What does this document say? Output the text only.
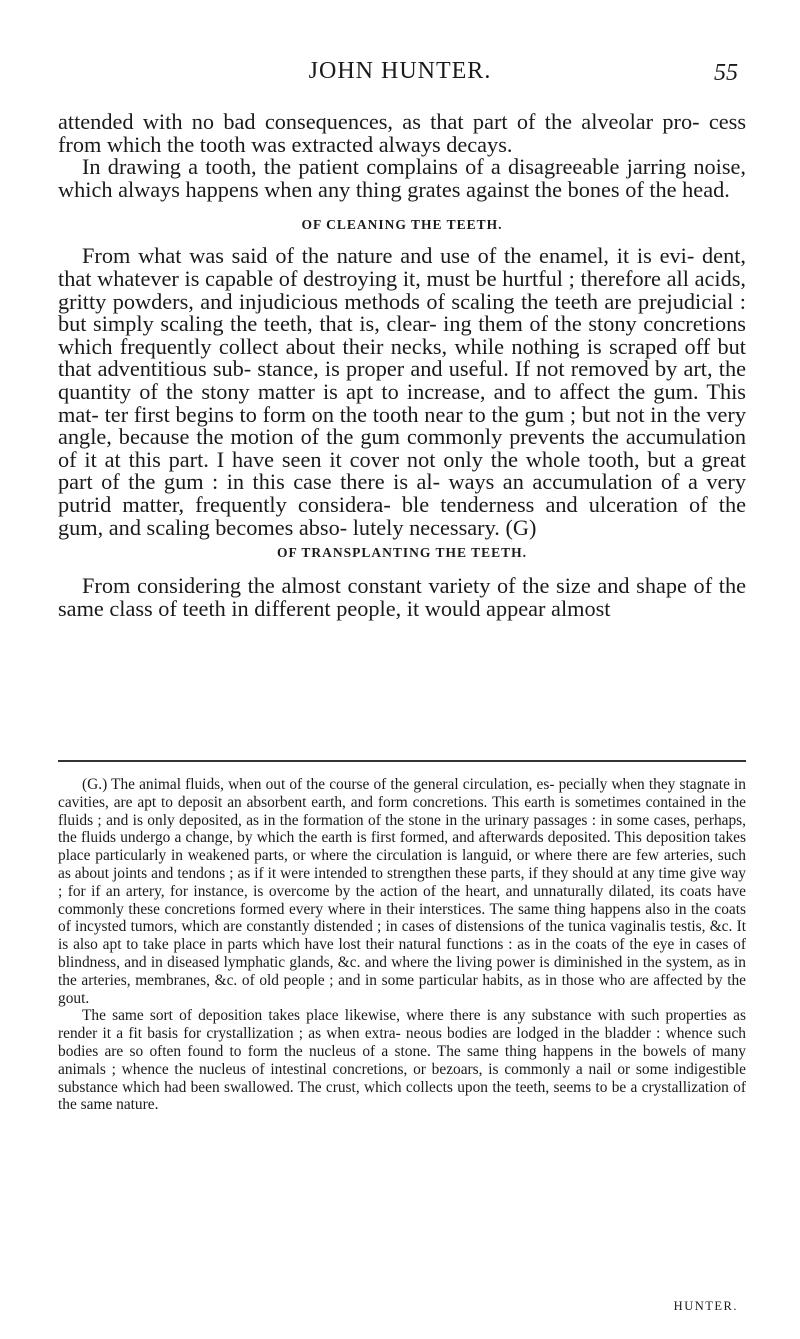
JOHN HUNTER.	55

attended with no bad consequences, as that part of the alveolar pro- cess from which the tooth was extracted always decays.

In drawing a tooth, the patient complains of a disagreeable jarring noise, which always happens when any thing grates against the bones of the head.

OF CLEANING THE TEETH.

From what was said of the nature and use of the enamel, it is evi- dent, that whatever is capable of destroying it, must be hurtful ; therefore all acids, gritty powders, and injudicious methods of scaling the teeth are prejudicial : but simply scaling the teeth, that is, clear- ing them of the stony concretions which frequently collect about their necks, while nothing is scraped off but that adventitious sub- stance, is proper and useful. If not removed by art, the quantity of the stony matter is apt to increase, and to affect the gum. This mat- ter first begins to form on the tooth near to the gum ; but not in the very angle, because the motion of the gum commonly prevents the accumulation of it at this part. I have seen it cover not only the whole tooth, but a great part of the gum : in this case there is al- ways an accumulation of a very putrid matter, frequently considera- ble tenderness and ulceration of the gum, and scaling becomes abso- lutely necessary. (G)

OF TRANSPLANTING THE TEETH.

From considering the almost constant variety of the size and shape of the same class of teeth in different people, it would appear almost

(G.) The animal fluids, when out of the course of the general circulation, es- pecially when they stagnate in cavities, are apt to deposit an absorbent earth, and form concretions. This earth is sometimes contained in the fluids ; and is only deposited, as in the formation of the stone in the urinary passages : in some cases, perhaps, the fluids undergo a change, by which the earth is first formed, and afterwards deposited. This deposition takes place particularly in weakened parts, or where the circulation is languid, or where there are few arteries, such as about joints and tendons ; as if it were intended to strengthen these parts, if they should at any time give way ; for if an artery, for instance, is overcome by the action of the heart, and unnaturally dilated, its coats have commonly these concretions formed every where in their interstices. The same thing happens also in the coats of incysted tumors, which are constantly distended ; in cases of distensions of the tunica vaginalis testis, &c. It is also apt to take place in parts which have lost their natural functions : as in the coats of the eye in cases of blindness, and in diseased lymphatic glands, &c. and where the living power is diminished in the system, as in the arteries, membranes, &c. of old people ; and in some particular habits, as in those who are affected by the gout.

The same sort of deposition takes place likewise, where there is any substance with such properties as render it a fit basis for crystallization ; as when extra- neous bodies are lodged in the bladder : whence such bodies are so often found to form the nucleus of a stone. The same thing happens in the bowels of many animals ; whence the nucleus of intestinal concretions, or bezoars, is commonly a nail or some indigestible substance which had been swallowed. The crust, which collects upon the teeth, seems to be a crystallization of the same nature.

HUNTER.
